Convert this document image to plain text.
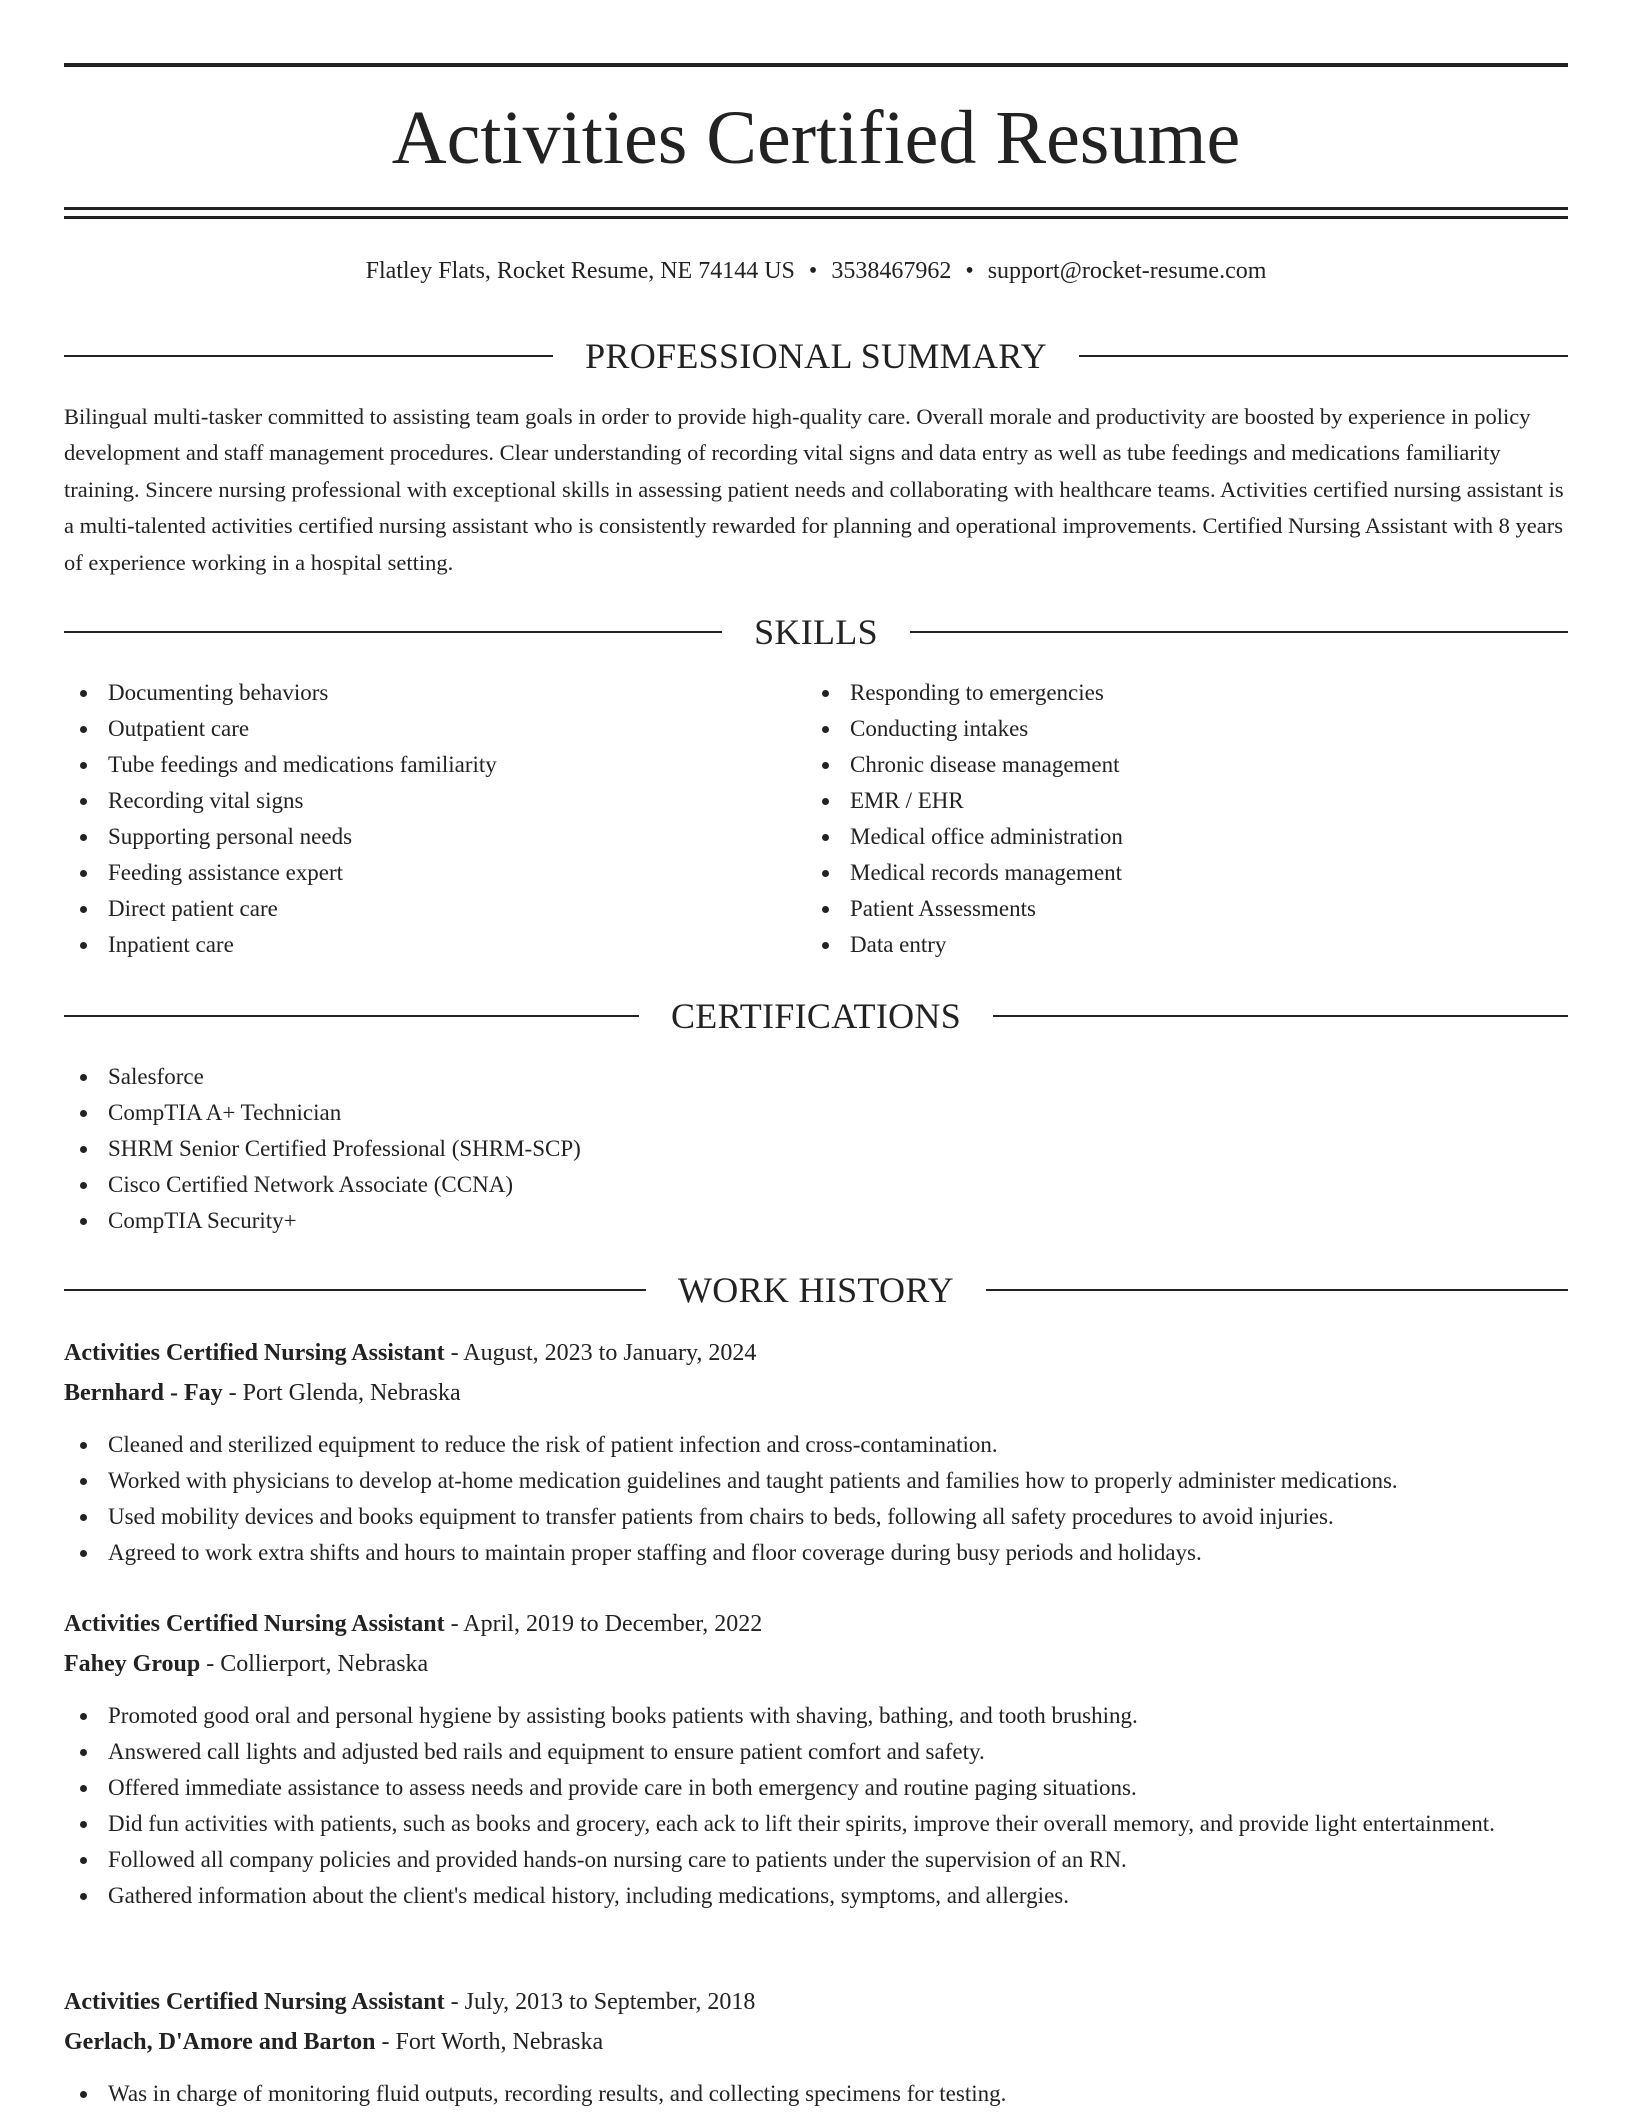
Activities Certified Resume
Flatley Flats, Rocket Resume, NE 74144 US • 3538467962 • support@rocket-resume.com
PROFESSIONAL SUMMARY

Bilingual multi-tasker committed to assisting team goals in order to provide high-quality care. Overall morale and productivity are boosted by experience in policy development and staff management procedures. Clear understanding of recording vital signs and data entry as well as tube feedings and medications familiarity training. Sincere nursing professional with exceptional skills in assessing patient needs and collaborating with healthcare teams. Activities certified nursing assistant is a multi-talented activities certified nursing assistant who is consistently rewarded for planning and operational improvements. Certified Nursing Assistant with 8 years of experience working in a hospital setting.

SKILLS
Documenting behaviors
Outpatient care
Tube feedings and medications familiarity
Recording vital signs
Supporting personal needs
Feeding assistance expert
Direct patient care
Inpatient care
Responding to emergencies
Conducting intakes
Chronic disease management
EMR / EHR
Medical office administration
Medical records management
Patient Assessments
Data entry
CERTIFICATIONS
Salesforce
CompTIA A+ Technician
SHRM Senior Certified Professional (SHRM-SCP)
Cisco Certified Network Associate (CCNA)
CompTIA Security+
WORK HISTORY
Activities Certified Nursing Assistant - August, 2023 to January, 2024
Bernhard - Fay - Port Glenda, Nebraska
Cleaned and sterilized equipment to reduce the risk of patient infection and cross-contamination.
Worked with physicians to develop at-home medication guidelines and taught patients and families how to properly administer medications.
Used mobility devices and books equipment to transfer patients from chairs to beds, following all safety procedures to avoid injuries.
Agreed to work extra shifts and hours to maintain proper staffing and floor coverage during busy periods and holidays.
Activities Certified Nursing Assistant - April, 2019 to December, 2022
Fahey Group - Collierport, Nebraska
Promoted good oral and personal hygiene by assisting books patients with shaving, bathing, and tooth brushing.
Answered call lights and adjusted bed rails and equipment to ensure patient comfort and safety.
Offered immediate assistance to assess needs and provide care in both emergency and routine paging situations.
Did fun activities with patients, such as books and grocery, each ack to lift their spirits, improve their overall memory, and provide light entertainment.
Followed all company policies and provided hands-on nursing care to patients under the supervision of an RN.
Gathered information about the client's medical history, including medications, symptoms, and allergies.
Activities Certified Nursing Assistant - July, 2013 to September, 2018
Gerlach, D'Amore and Barton - Fort Worth, Nebraska
Was in charge of monitoring fluid outputs, recording results, and collecting specimens for testing.
